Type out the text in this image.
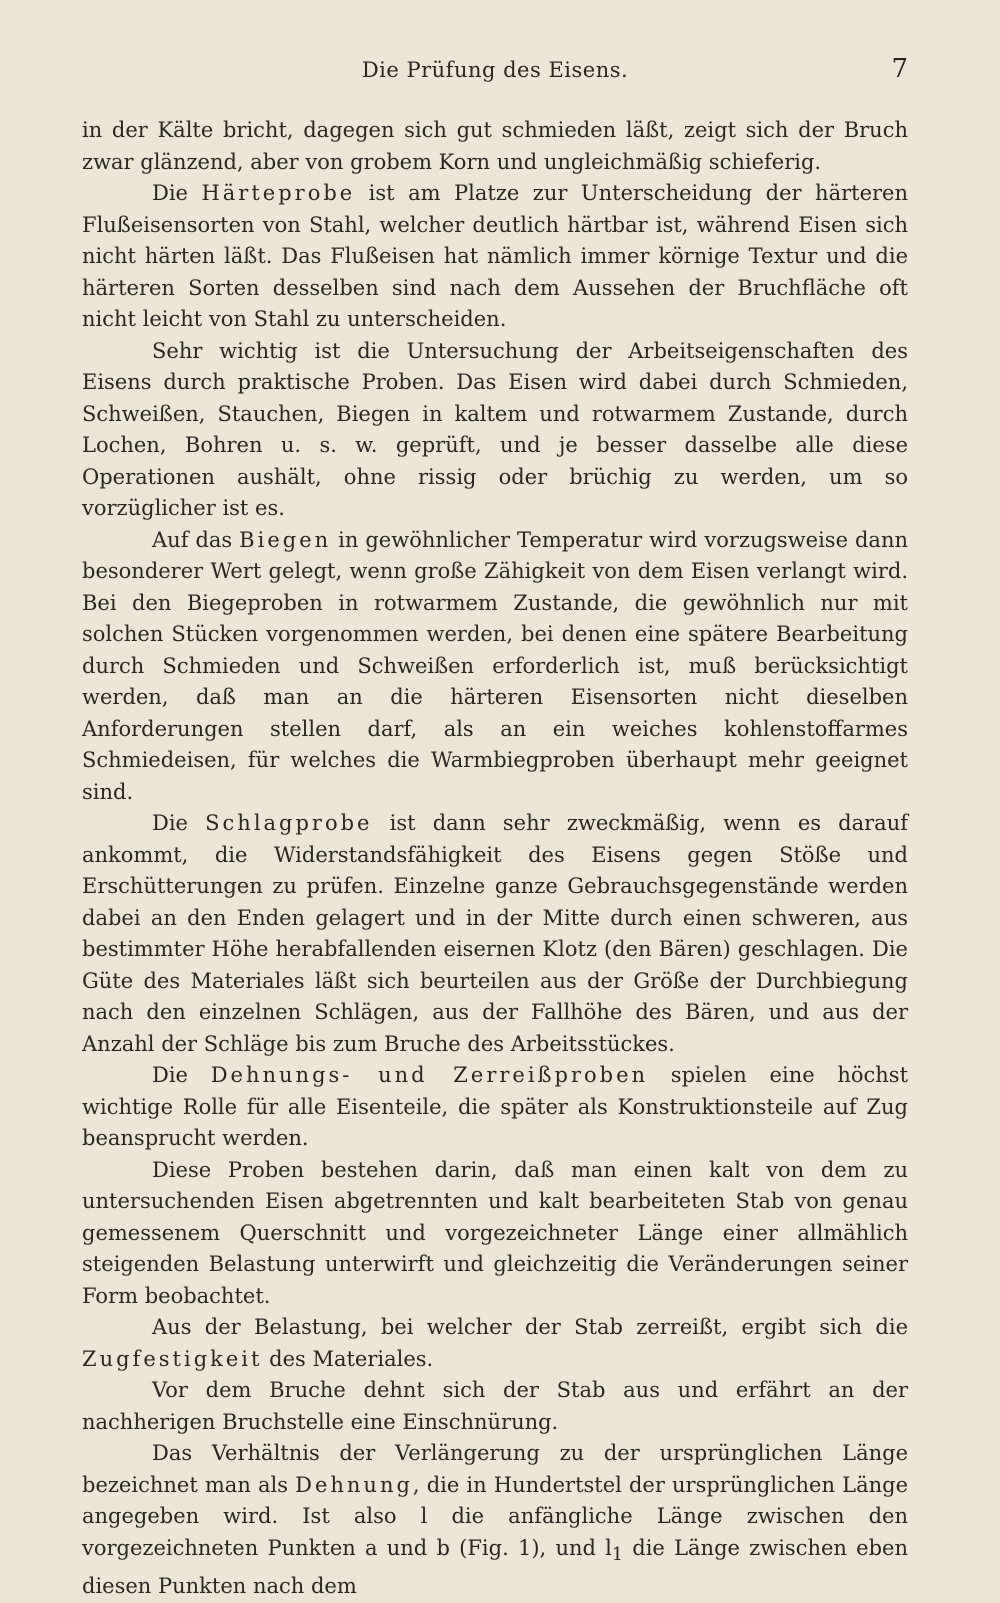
Die Prüfung des Eisens.	7

in der Kälte bricht, dagegen sich gut schmieden läßt, zeigt sich der Bruch zwar glänzend, aber von grobem Korn und ungleichmäßig schieferig.

Die Härteprobe ist am Platze zur Unterscheidung der härteren Flußeisensorten von Stahl, welcher deutlich härtbar ist, während Eisen sich nicht härten läßt. Das Flußeisen hat nämlich immer körnige Textur und die härteren Sorten desselben sind nach dem Aussehen der Bruchfläche oft nicht leicht von Stahl zu unterscheiden.

Sehr wichtig ist die Untersuchung der Arbeitseigenschaften des Eisens durch praktische Proben. Das Eisen wird dabei durch Schmieden, Schweißen, Stauchen, Biegen in kaltem und rotwarmem Zustande, durch Lochen, Bohren u. s. w. geprüft, und je besser dasselbe alle diese Operationen aushält, ohne rissig oder brüchig zu werden, um so vorzüglicher ist es.

Auf das Biegen in gewöhnlicher Temperatur wird vorzugsweise dann besonderer Wert gelegt, wenn große Zähigkeit von dem Eisen verlangt wird. Bei den Biegeproben in rotwarmem Zustande, die gewöhnlich nur mit solchen Stücken vorgenommen werden, bei denen eine spätere Bearbeitung durch Schmieden und Schweißen erforderlich ist, muß berücksichtigt werden, daß man an die härteren Eisensorten nicht dieselben Anforderungen stellen darf, als an ein weiches kohlenstoffarmes Schmiedeisen, für welches die Warmbiegproben überhaupt mehr geeignet sind.

Die Schlagprobe ist dann sehr zweckmäßig, wenn es darauf ankommt, die Widerstandsfähigkeit des Eisens gegen Stöße und Erschütterungen zu prüfen. Einzelne ganze Gebrauchsgegenstände werden dabei an den Enden gelagert und in der Mitte durch einen schweren, aus bestimmter Höhe herabfallenden eisernen Klotz (den Bären) geschlagen. Die Güte des Materiales läßt sich beurteilen aus der Größe der Durchbiegung nach den einzelnen Schlägen, aus der Fallhöhe des Bären, und aus der Anzahl der Schläge bis zum Bruche des Arbeitsstückes.

Die Dehnungs- und Zerreißproben spielen eine höchst wichtige Rolle für alle Eisenteile, die später als Konstruktionsteile auf Zug beansprucht werden.

Diese Proben bestehen darin, daß man einen kalt von dem zu untersuchenden Eisen abgetrennten und kalt bearbeiteten Stab von genau gemessenem Querschnitt und vorgezeichneter Länge einer allmählich steigenden Belastung unterwirft und gleichzeitig die Veränderungen seiner Form beobachtet.

Aus der Belastung, bei welcher der Stab zerreißt, ergibt sich die Zugfestigkeit des Materiales.

Vor dem Bruche dehnt sich der Stab aus und erfährt an der nachherigen Bruchstelle eine Einschnürung.

Das Verhältnis der Verlängerung zu der ursprünglichen Länge bezeichnet man als Dehnung, die in Hundertstel der ursprünglichen Länge angegeben wird. Ist also l die anfängliche Länge zwischen den vorgezeichneten Punkten a und b (Fig. 1), und $l_1$ die Länge zwischen eben diesen Punkten nach dem
